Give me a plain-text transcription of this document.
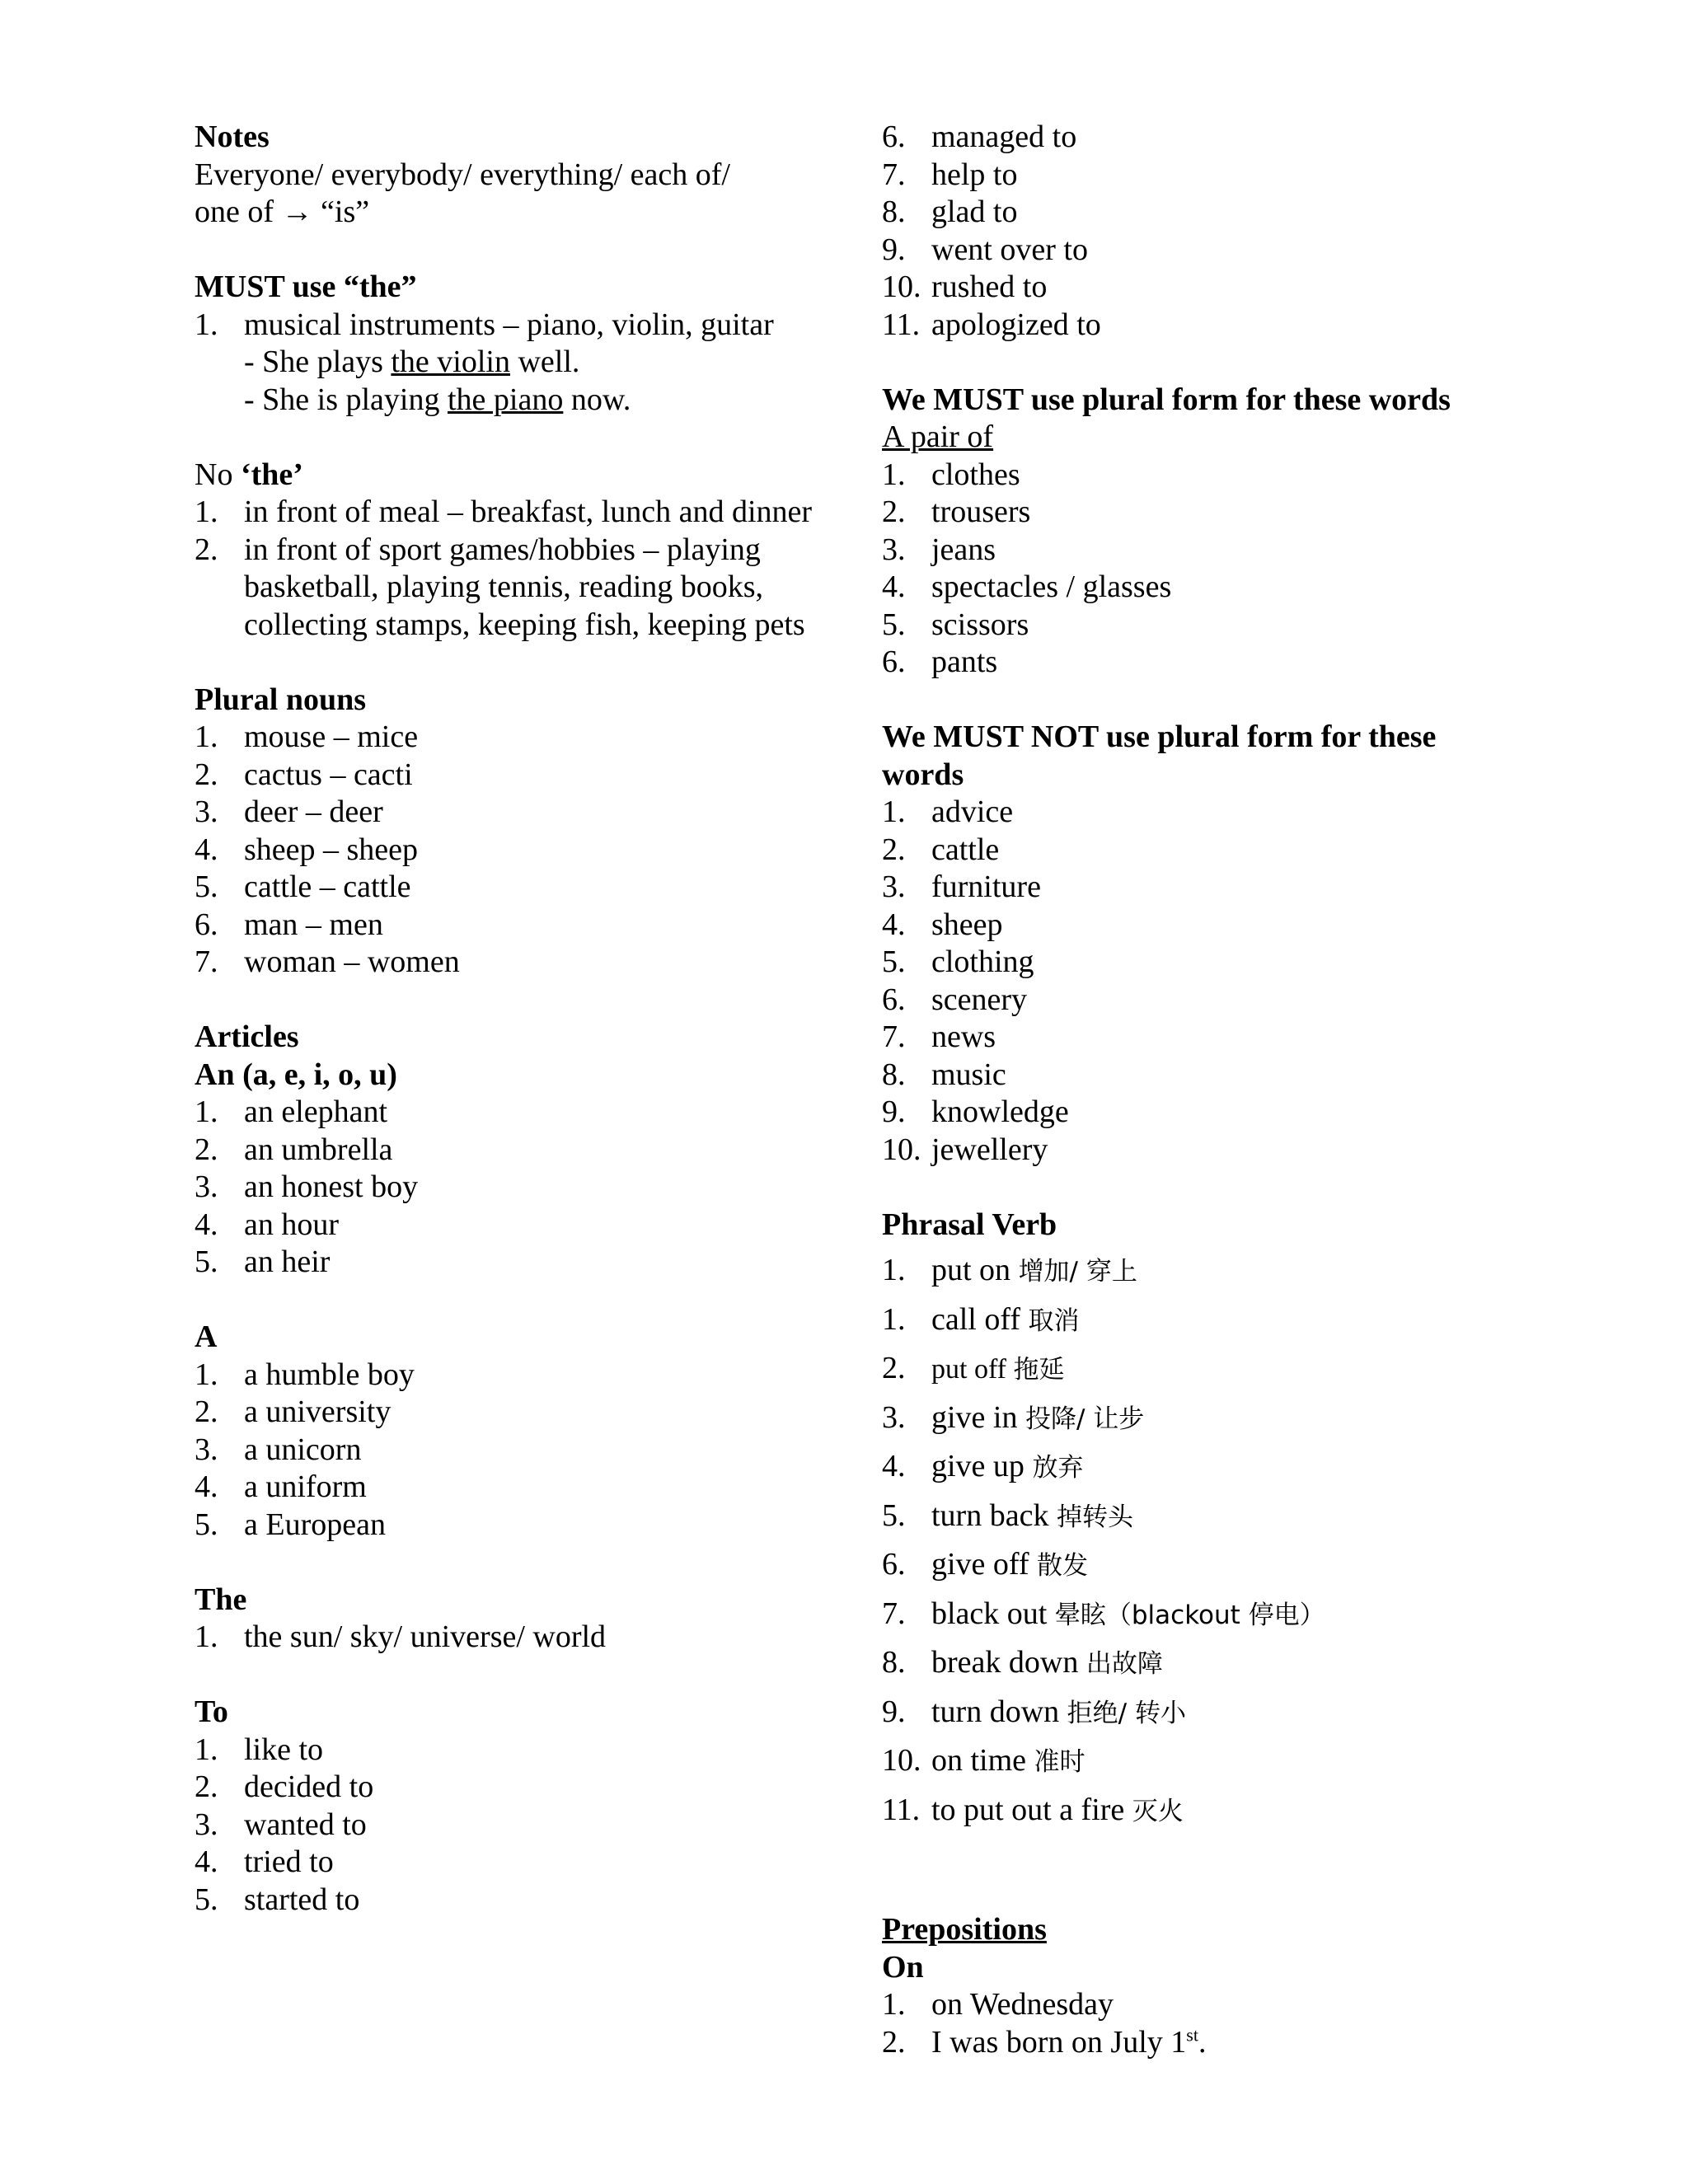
Notes

Everyone/ everybody/ everything/ each of/

one of → “is”

MUST use “the”

1. musical instruments – piano, violin, guitar

- She plays the violin well.

- She is playing the piano now.

No ‘the’

1. in front of meal – breakfast, lunch and dinner
2. in front of sport games/hobbies – playing basketball, playing tennis, reading books, collecting stamps, keeping fish, keeping pets

Plural nouns

1. mouse – mice
2. cactus – cacti
3. deer – deer
4. sheep – sheep
5. cattle – cattle
6. man – men
7. woman – women

Articles

An (a, e, i, o, u)

1. an elephant
2. an umbrella
3. an honest boy
4. an hour
5. an heir

A

1. a humble boy
2. a university
3. a unicorn
4. a uniform
5. a European

The

1. the sun/ sky/ universe/ world

To

1. like to
2. decided to
3. wanted to
4. tried to
5. started to
6. managed to
7. help to
8. glad to
9. went over to
10. rushed to
11. apologized to

We MUST use plural form for these words

A pair of

1. clothes
2. trousers
3. jeans
4. spectacles / glasses
5. scissors
6. pants

We MUST NOT use plural form for these words

1. advice
2. cattle
3. furniture
4. sheep
5. clothing
6. scenery
7. news
8. music
9. knowledge
10. jewellery

Phrasal Verb

1. put on 增加/ 穿上
1. call off 取消
2. put off 拖延
3. give in 投降/ 让步
4. give up 放弃
5. turn back 掉转头
6. give off 散发
7. black out 晕眩（blackout 停电）
8. break down 出故障
9. turn down 拒绝/ 转小
10. on time 准时
11. to put out a fire 灭火

Prepositions

On

1. on Wednesday
2. I was born on July 1st.
